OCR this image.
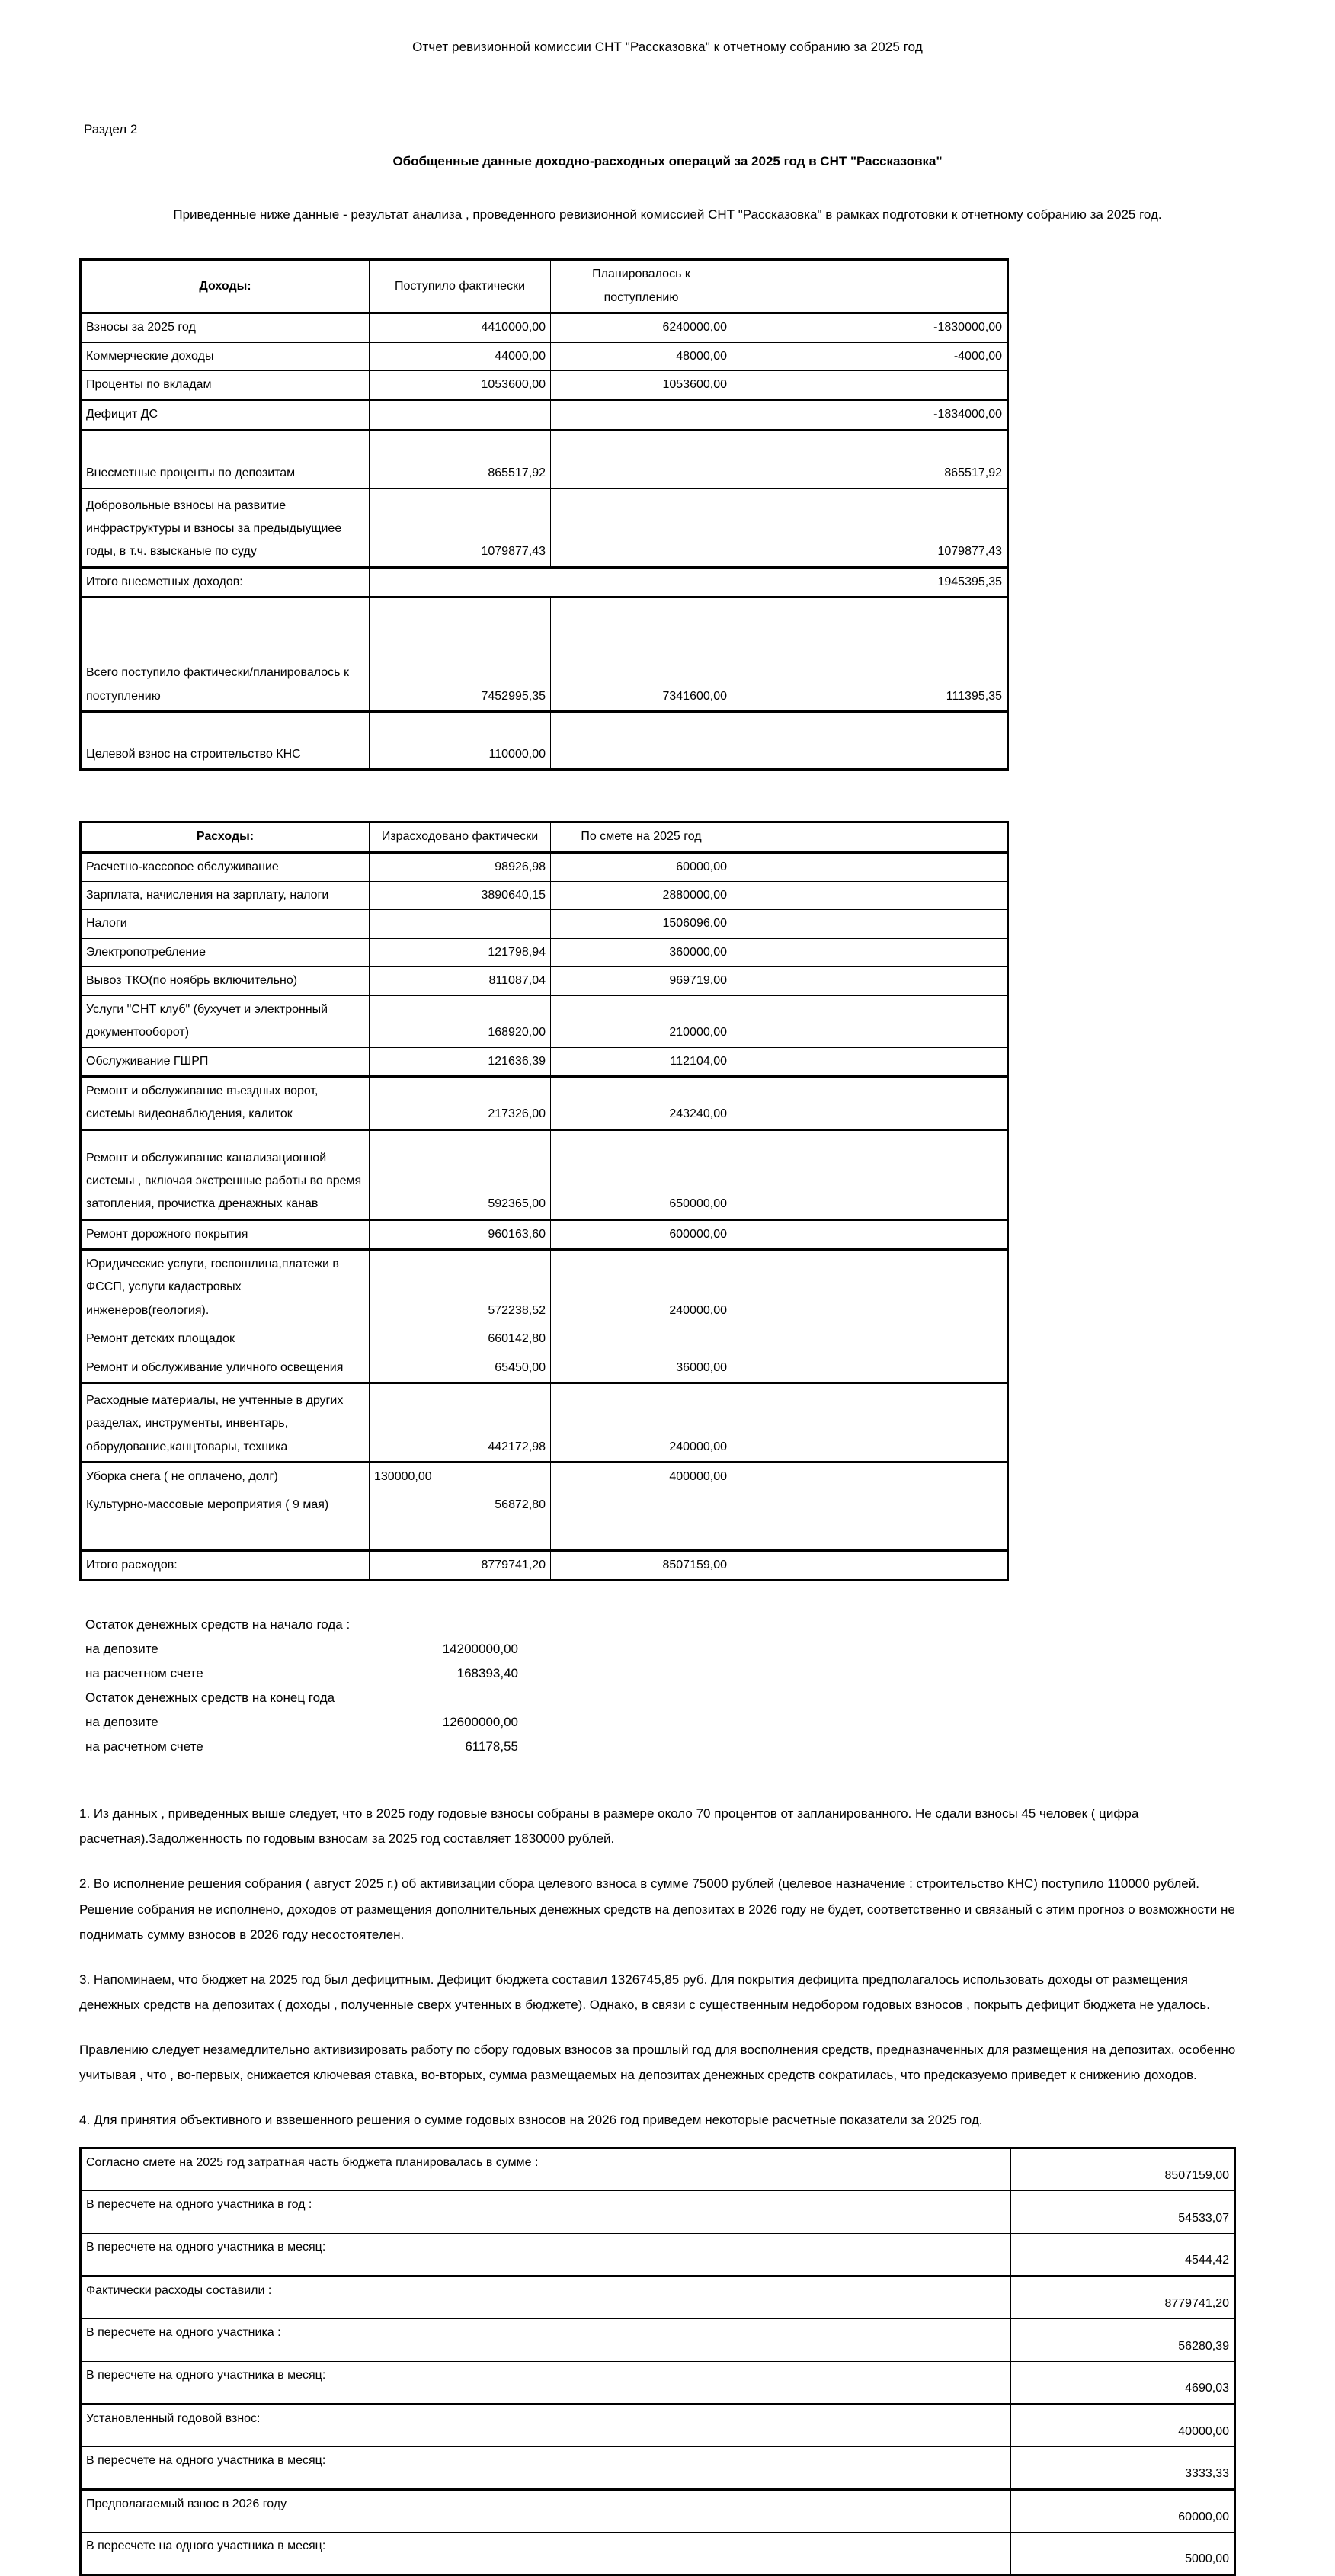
Отчет ревизионной комиссии СНТ "Рассказовка" к отчетному собранию за 2025 год
Раздел 2
Обобщенные данные доходно-расходных операций за 2025 год в СНТ "Рассказовка"
Приведенные ниже данные - результат анализа , проведенного ревизионной комиссией СНТ "Рассказовка" в рамках подготовки к отчетному собранию за 2025 год.
Доходы:	Поступило фактически	Планировалось к поступлению	
Взносы за 2025 год	4410000,00	6240000,00	-1830000,00
Коммерческие доходы	44000,00	48000,00	-4000,00
Проценты по вкладам	1053600,00	1053600,00	
Дефицит ДС			-1834000,00
Внесметные проценты по депозитам	865517,92		865517,92
Добровольные взносы на развитие инфраструктуры и взносы за предыдыущиее годы, в т.ч. взысканые по суду	1079877,43		1079877,43
Итого внесметных доходов:	1945395,35		
Всего поступило фактически/планировалось к поступлению	7452995,35	7341600,00	111395,35
Целевой взнос на строительство КНС	110000,00		
Расходы:	Израсходовано фактически	По смете на 2025 год	
Расчетно-кассовое обслуживание	98926,98	60000,00	
Зарплата, начисления на зарплату, налоги	3890640,15	2880000,00	
Налоги		1506096,00	
Электропотребление	121798,94	360000,00	
Вывоз ТКО(по ноябрь включительно)	811087,04	969719,00	
Услуги "СНТ клуб" (бухучет и электронный документооборот)	168920,00	210000,00	
Обслуживание ГШРП	121636,39	112104,00	
Ремонт и обслуживание въездных ворот, системы видеонаблюдения, калиток	217326,00	243240,00	
Ремонт и обслуживание канализационной системы , включая экстренные работы во время затопления, прочистка дренажных канав	592365,00	650000,00	
Ремонт дорожного покрытия	960163,60	600000,00	
Юридические услуги, госпошлина,платежи в ФССП, услуги кадастровых инженеров(геология).	572238,52	240000,00	
Ремонт детских площадок	660142,80		
Ремонт и обслуживание уличного освещения	65450,00	36000,00	
Расходные материалы, не учтенные в других разделах, инструменты, инвентарь, оборудование,канцтовары, техника	442172,98	240000,00	
Уборка снега ( не оплачено, долг)	130000,00	400000,00	
Культурно-массовые мероприятия ( 9 мая)	56872,80		

Итого расходов:	8779741,20	8507159,00	
Остаток денежных средств на начало года :
на депозите	14200000,00
на расчетном счете	168393,40
Остаток денежных средств на конец года
на депозите	12600000,00
на расчетном счете	61178,55

1. Из данных , приведенных выше следует, что в 2025 году годовые взносы собраны в размере около 70 процентов от запланированного. Не сдали взносы 45 человек ( цифра расчетная).Задолженность по годовым взносам за 2025 год составляет 1830000 рублей.

2. Во исполнение решения собрания ( август 2025 г.) об активизации сбора целевого взноса в сумме 75000 рублей (целевое назначение : строительство КНС) поступило 110000 рублей. Решение собрания не исполнено, доходов от размещения дополнительных денежных средств на депозитах в 2026 году не будет, соответственно и связаный с этим прогноз о возможности не поднимать сумму взносов в 2026 году несостоятелен.

3. Напоминаем, что бюджет на 2025 год был дефицитным. Дефицит бюджета составил 1326745,85 руб. Для покрытия дефицита предполагалось использовать доходы от размещения денежных средств на депозитах ( доходы , полученные сверх учтенных в бюджете). Однако, в связи с существенным недобором годовых взносов , покрыть дефицит бюджета не удалось.

Правлению следует незамедлительно активизировать работу по сбору годовых взносов за прошлый год для восполнения средств, предназначенных для размещения на депозитах. особенно учитывая , что , во-первых, снижается ключевая ставка, во-вторых, сумма размещаемых на депозитах денежных средств сократилась, что предсказуемо приведет к снижению доходов.

4. Для принятия объективного и взвешенного решения о сумме годовых взносов на 2026 год приведем некоторые расчетные показатели за 2025 год.

Согласно смете на 2025 год затратная часть бюджета планировалась в сумме :	8507159,00
В пересчете на одного участника в год :	54533,07
В пересчете на одного участника в месяц:	4544,42
Фактически расходы составили :	8779741,20
В пересчете на одного участника :	56280,39
В пересчете на одного участника в месяц:	4690,03
Установленный годовой взнос:	40000,00
В пересчете на одного участника в месяц:	3333,33
Предполагаемый взнос в 2026 году	60000,00
В пересчете на одного участника в месяц:	5000,00
